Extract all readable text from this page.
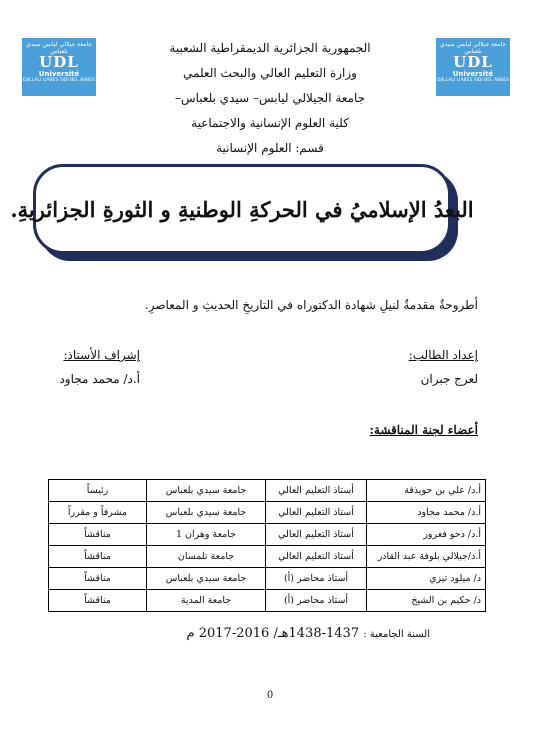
جامعة جيلالي ليابس سيدي بلعباس
UDL
Université
DJILLALI LIABES SIDI BEL ABBES
جامعة جيلالي ليابس سيدي بلعباس
UDL
Université
DJILLALI LIABES SIDI BEL ABBES
الجمهورية الجزائرية الديمقراطية الشعبية
وزارة التعليم العالي والبحث العلمي
جامعة الجيلالي ليابس– سيدي بلعباس–
كلية العلوم الإنسانية والاجتماعية
قسم: العلوم الإنسانية
البعدُ الإسلاميُ في الحركةِ الوطنيةِ و الثورةِ الجزائريةِ.
أطروحةٌ مقدمةٌ لنيلِ شهادة الدكتوراه في التاريخِ الحديثِ و المعاصرِ.
إعداد الطالب:
لعرج جبران
إشراف الأستاذ:
أ.د/ محمد مجاود
أعضاء لجنة المناقشة:
أ.د/ علي بن حويذقة	أستاذ التعليم العالي	جامعة سيدي بلعباس	رئيساً
أ.د/ محمد مجاود	أستاذ التعليم العالي	جامعة سيدي بلعباس	مشرفاً و مقرراً
أ.د/ دحو فغرور	أستاذ التعليم العالي	جامعة وهران 1	مناقشاً
أ.د/جيلالي بلوفة عبد القادر	أستاذ التعليم العالي	جامعة تلمسان	مناقشاً
د/ ميلود تيزي	أستاذ محاضر (أ)	جامعة سيدي بلعباس	مناقشاً
د/ حكيم بن الشيخ	أستاذ محاضر (أ)	جامعة المدية	مناقشاً
السنة الجامعية : 1437-1438هـ/ 2016-2017 م
0
